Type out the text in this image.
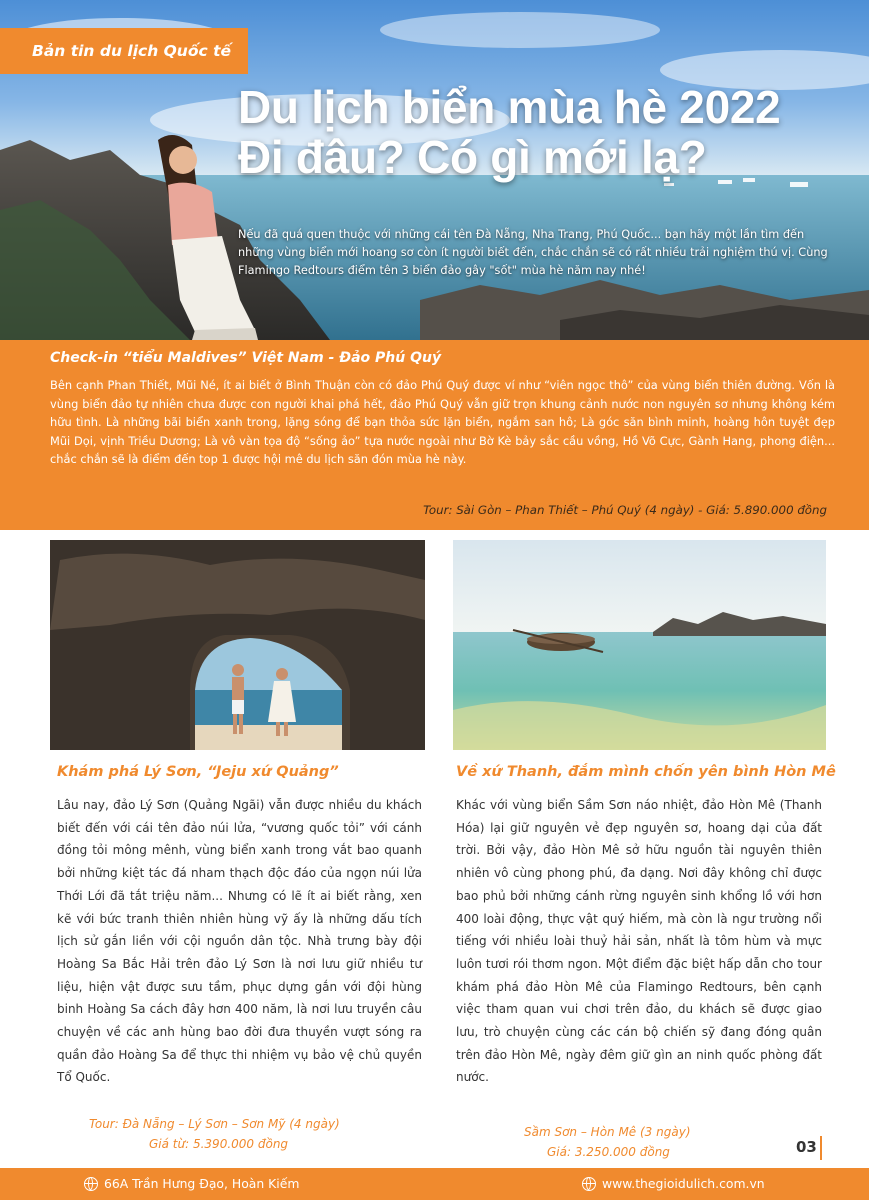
Bản tin du lịch Quốc tế
Du lịch biển mùa hè 2022
Đi đâu? Có gì mới lạ?

Nếu đã quá quen thuộc với những cái tên Đà Nẵng, Nha Trang, Phú Quốc... bạn hãy một lần tìm đến những vùng biển mới hoang sơ còn ít người biết đến, chắc chắn sẽ có rất nhiều trải nghiệm thú vị. Cùng Flamingo Redtours điểm tên 3 biển đảo gây "sốt" mùa hè năm nay nhé!

Check-in “tiểu Maldives” Việt Nam - Đảo Phú Quý

Bên cạnh Phan Thiết, Mũi Né, ít ai biết ở Bình Thuận còn có đảo Phú Quý được ví như “viên ngọc thô” của vùng biển thiên đường. Vốn là vùng biển đảo tự nhiên chưa được con người khai phá hết, đảo Phú Quý vẫn giữ trọn khung cảnh nước non nguyên sơ nhưng không kém hữu tình. Là những bãi biển xanh trong, lặng sóng để bạn thỏa sức lặn biển, ngắm san hô; Là góc săn bình minh, hoàng hôn tuyệt đẹp Mũi Dọi, vịnh Triều Dương; Là vô vàn tọa độ “sống ảo” tựa nước ngoài như Bờ Kè bảy sắc cầu vồng, Hồ Võ Cực, Gành Hang, phong điện... chắc chắn sẽ là điểm đến top 1 được hội mê du lịch săn đón mùa hè này.

Tour: Sài Gòn – Phan Thiết – Phú Quý (4 ngày) - Giá: 5.890.000 đồng
Khám phá Lý Sơn, “Jeju xứ Quảng”

Lâu nay, đảo Lý Sơn (Quảng Ngãi) vẫn được nhiều du khách biết đến với cái tên đảo núi lửa, “vương quốc tỏi” với cánh đồng tỏi mông mênh, vùng biển xanh trong vắt bao quanh bởi những kiệt tác đá nham thạch độc đáo của ngọn núi lửa Thới Lới đã tắt triệu năm... Nhưng có lẽ ít ai biết rằng, xen kẽ với bức tranh thiên nhiên hùng vỹ ấy là những dấu tích lịch sử gắn liền với cội nguồn dân tộc. Nhà trưng bày đội Hoàng Sa Bắc Hải trên đảo Lý Sơn là nơi lưu giữ nhiều tư liệu, hiện vật được sưu tầm, phục dựng gắn với đội hùng binh Hoàng Sa cách đây hơn 400 năm, là nơi lưu truyền câu chuyện về các anh hùng bao đời đưa thuyền vượt sóng ra quần đảo Hoàng Sa để thực thi nhiệm vụ bảo vệ chủ quyền Tổ Quốc.

Tour: Đà Nẵng – Lý Sơn – Sơn Mỹ (4 ngày)

Giá từ: 5.390.000 đồng

Về xứ Thanh, đắm mình chốn yên bình Hòn Mê

Khác với vùng biển Sầm Sơn náo nhiệt, đảo Hòn Mê (Thanh Hóa) lại giữ nguyên vẻ đẹp nguyên sơ, hoang dại của đất trời. Bởi vậy, đảo Hòn Mê sở hữu nguồn tài nguyên thiên nhiên vô cùng phong phú, đa dạng. Nơi đây không chỉ được bao phủ bởi những cánh rừng nguyên sinh khổng lồ với hơn 400 loài động, thực vật quý hiếm, mà còn là ngư trường nổi tiếng với nhiều loài thuỷ hải sản, nhất là tôm hùm và mực luôn tươi rói thơm ngon. Một điểm đặc biệt hấp dẫn cho tour khám phá đảo Hòn Mê của Flamingo Redtours, bên cạnh việc tham quan vui chơi trên đảo, du khách sẽ được giao lưu, trò chuyện cùng các cán bộ chiến sỹ đang đóng quân trên đảo Hòn Mê, ngày đêm giữ gìn an ninh quốc phòng đất nước.

Sầm Sơn – Hòn Mê (3 ngày)

Giá: 3.250.000 đồng	03
66A Trần Hưng Đạo, Hoàn Kiếm	www.thegioidulich.com.vn
